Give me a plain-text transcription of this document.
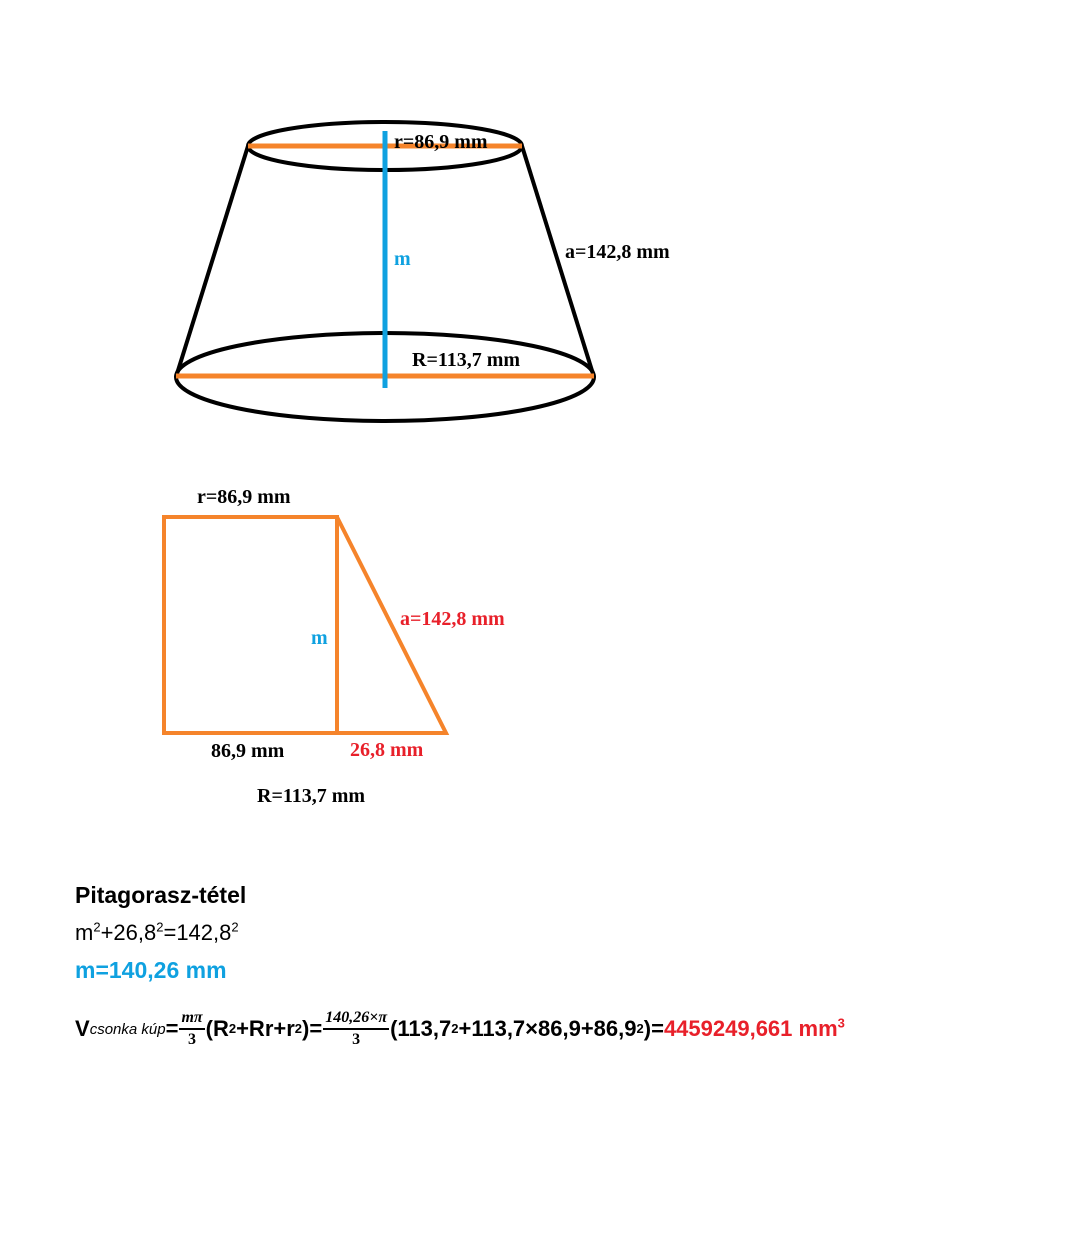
r=86,9 mm
a=142,8 mm
m
R=113,7 mm
r=86,9 mm
m
a=142,8 mm
86,9 mm	26,8 mm
R=113,7 mm
Pitagorasz-tétel
$m^2+26,8^2=142,8^2$
m=140,26 mm
V csonka kúp = $\frac{m\pi}{3} (R$ 2 +Rr+r 2 )= $\frac{140,26\times\pi}{3} (113,7$ 2 +113,7×86,9+86,9 2 )= 4459249,661 $mm^3$
